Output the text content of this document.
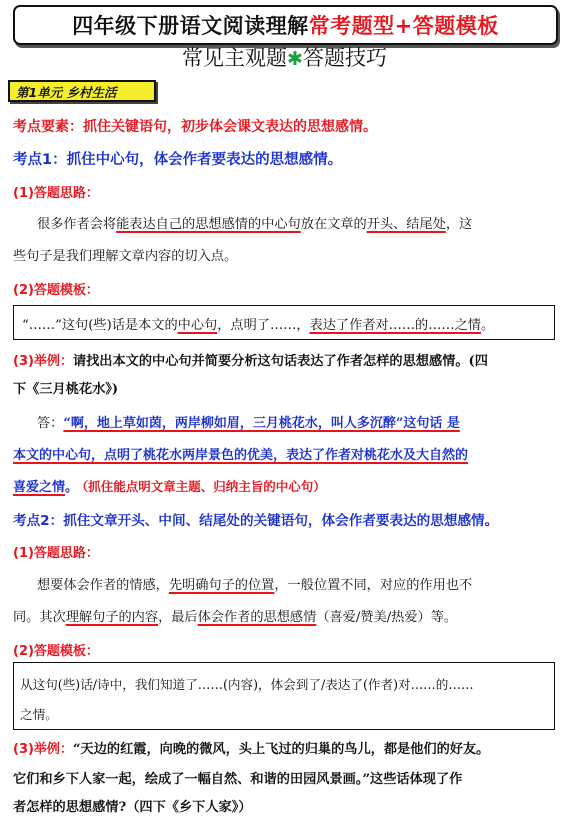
四年级下册语文阅读理解 常考题型+答题模板
常见主观题✱答题技巧
第1单元 乡村生活
考点要素：抓住关键语句，初步体会课文表达的思想感情。
考点1：抓住中心句，体会作者要表达的思想感情。
(1)答题思路：
很多作者会将能表达自己的思想感情的中心句放在文章的开头、结尾处，这
些句子是我们理解文章内容的切入点。
(2)答题模板：
“……”这句(些)话是本文的中心句，点明了……，表达了作者对……的……之情。
(3)举例：请找出本文的中心句并简要分析这句话表达了作者怎样的思想感情。(四
下《三月桃花水》)
答：“啊，地上草如茵，两岸柳如眉，三月桃花水，叫人多沉醉”这句话 是
本文的中心句，点明了桃花水两岸景色的优美，表达了作者对桃花水及大自然的
喜爱之情。 （抓住能点明文章主题、归纳主旨的中心句）
考点2：抓住文章开头、中间、结尾处的关键语句，体会作者要表达的思想感情。
(1)答题思路：
想要体会作者的情感，先明确句子的位置，一般位置不同，对应的作用也不
同。其次理解句子的内容，最后体会作者的思想感情（喜爱/赞美/热爱）等。
(2)答题模板：
从这句(些)话/诗中，我们知道了……(内容)，体会到了/表达了(作者)对……的……
之情。
(3)举例：“天边的红霞，向晚的微风，头上飞过的归巢的鸟儿，都是他们的好友。
它们和乡下人家一起，绘成了一幅自然、和谐的田园风景画。”这些话体现了作
者怎样的思想感情?（四下《乡下人家》）
